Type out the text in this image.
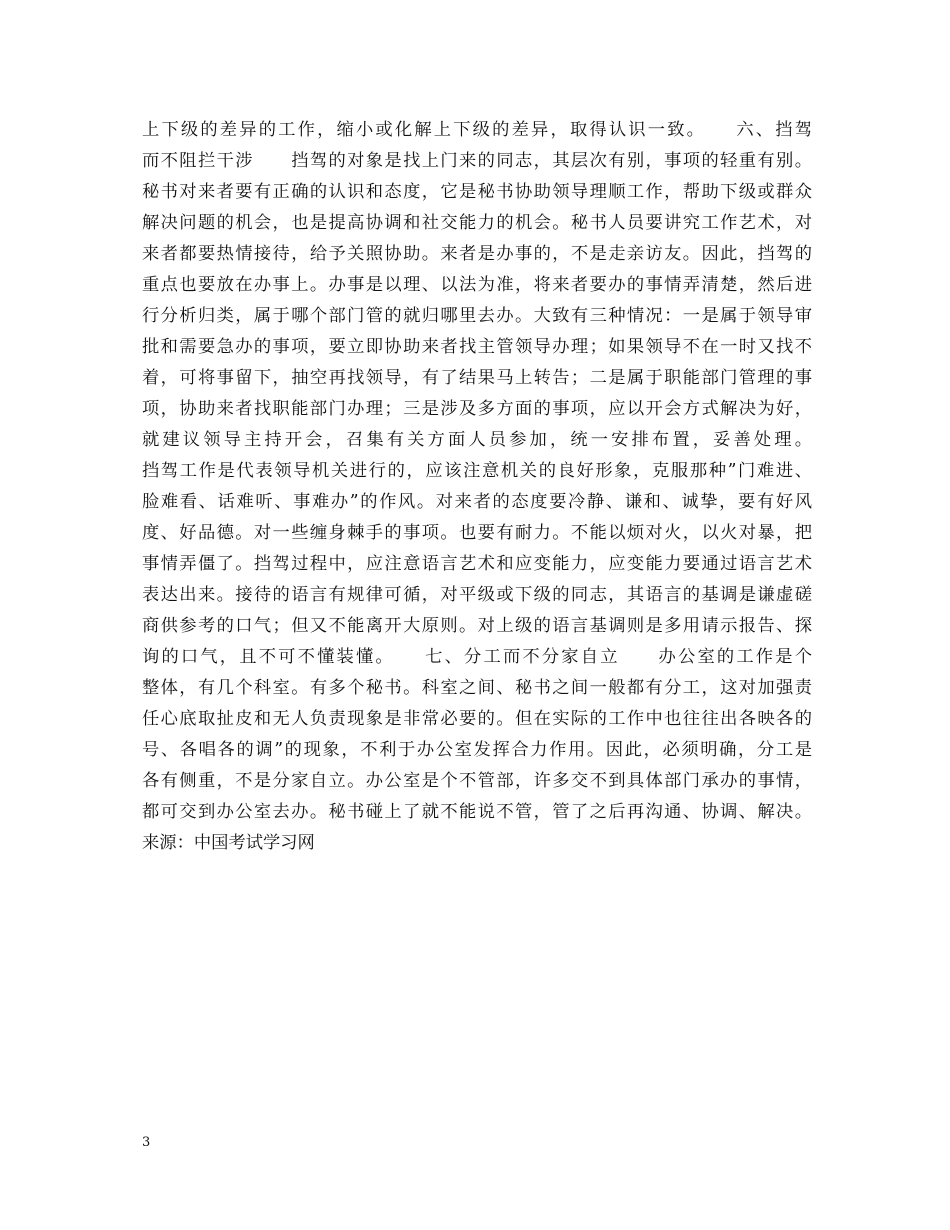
上下级的差异的工作，缩小或化解上下级的差异，取得认识一致。　　六、挡驾
而不阻拦干涉　　挡驾的对象是找上门来的同志，其层次有别，事项的轻重有别。
秘书对来者要有正确的认识和态度，它是秘书协助领导理顺工作，帮助下级或群众
解决问题的机会，也是提高协调和社交能力的机会。秘书人员要讲究工作艺术，对
来者都要热情接待，给予关照协助。来者是办事的，不是走亲访友。因此，挡驾的
重点也要放在办事上。办事是以理、以法为准，将来者要办的事情弄清楚，然后进
行分析归类，属于哪个部门管的就归哪里去办。大致有三种情况：一是属于领导审
批和需要急办的事项，要立即协助来者找主管领导办理；如果领导不在一时又找不
着，可将事留下，抽空再找领导，有了结果马上转告；二是属于职能部门管理的事
项，协助来者找职能部门办理；三是涉及多方面的事项，应以开会方式解决为好，
就建议领导主持开会，召集有关方面人员参加，统一安排布置，妥善处理。
挡驾工作是代表领导机关进行的，应该注意机关的良好形象，克服那种”门难进、
脸难看、话难听、事难办”的作风。对来者的态度要冷静、谦和、诚挚，要有好风
度、好品德。对一些缠身棘手的事项。也要有耐力。不能以烦对火，以火对暴，把
事情弄僵了。挡驾过程中，应注意语言艺术和应变能力，应变能力要通过语言艺术
表达出来。接待的语言有规律可循，对平级或下级的同志，其语言的基调是谦虚磋
商供参考的口气；但又不能离开大原则。对上级的语言基调则是多用请示报告、探
询的口气，且不可不懂装懂。　　七、分工而不分家自立　　办公室的工作是个
整体，有几个科室。有多个秘书。科室之间、秘书之间一般都有分工，这对加强责
任心底取扯皮和无人负责现象是非常必要的。但在实际的工作中也往往出各映各的
号、各唱各的调”的现象，不利于办公室发挥合力作用。因此，必须明确，分工是
各有侧重，不是分家自立。办公室是个不管部，许多交不到具体部门承办的事情，
都可交到办公室去办。秘书碰上了就不能说不管，管了之后再沟通、协调、解决。
来源：中国考试学习网
3
